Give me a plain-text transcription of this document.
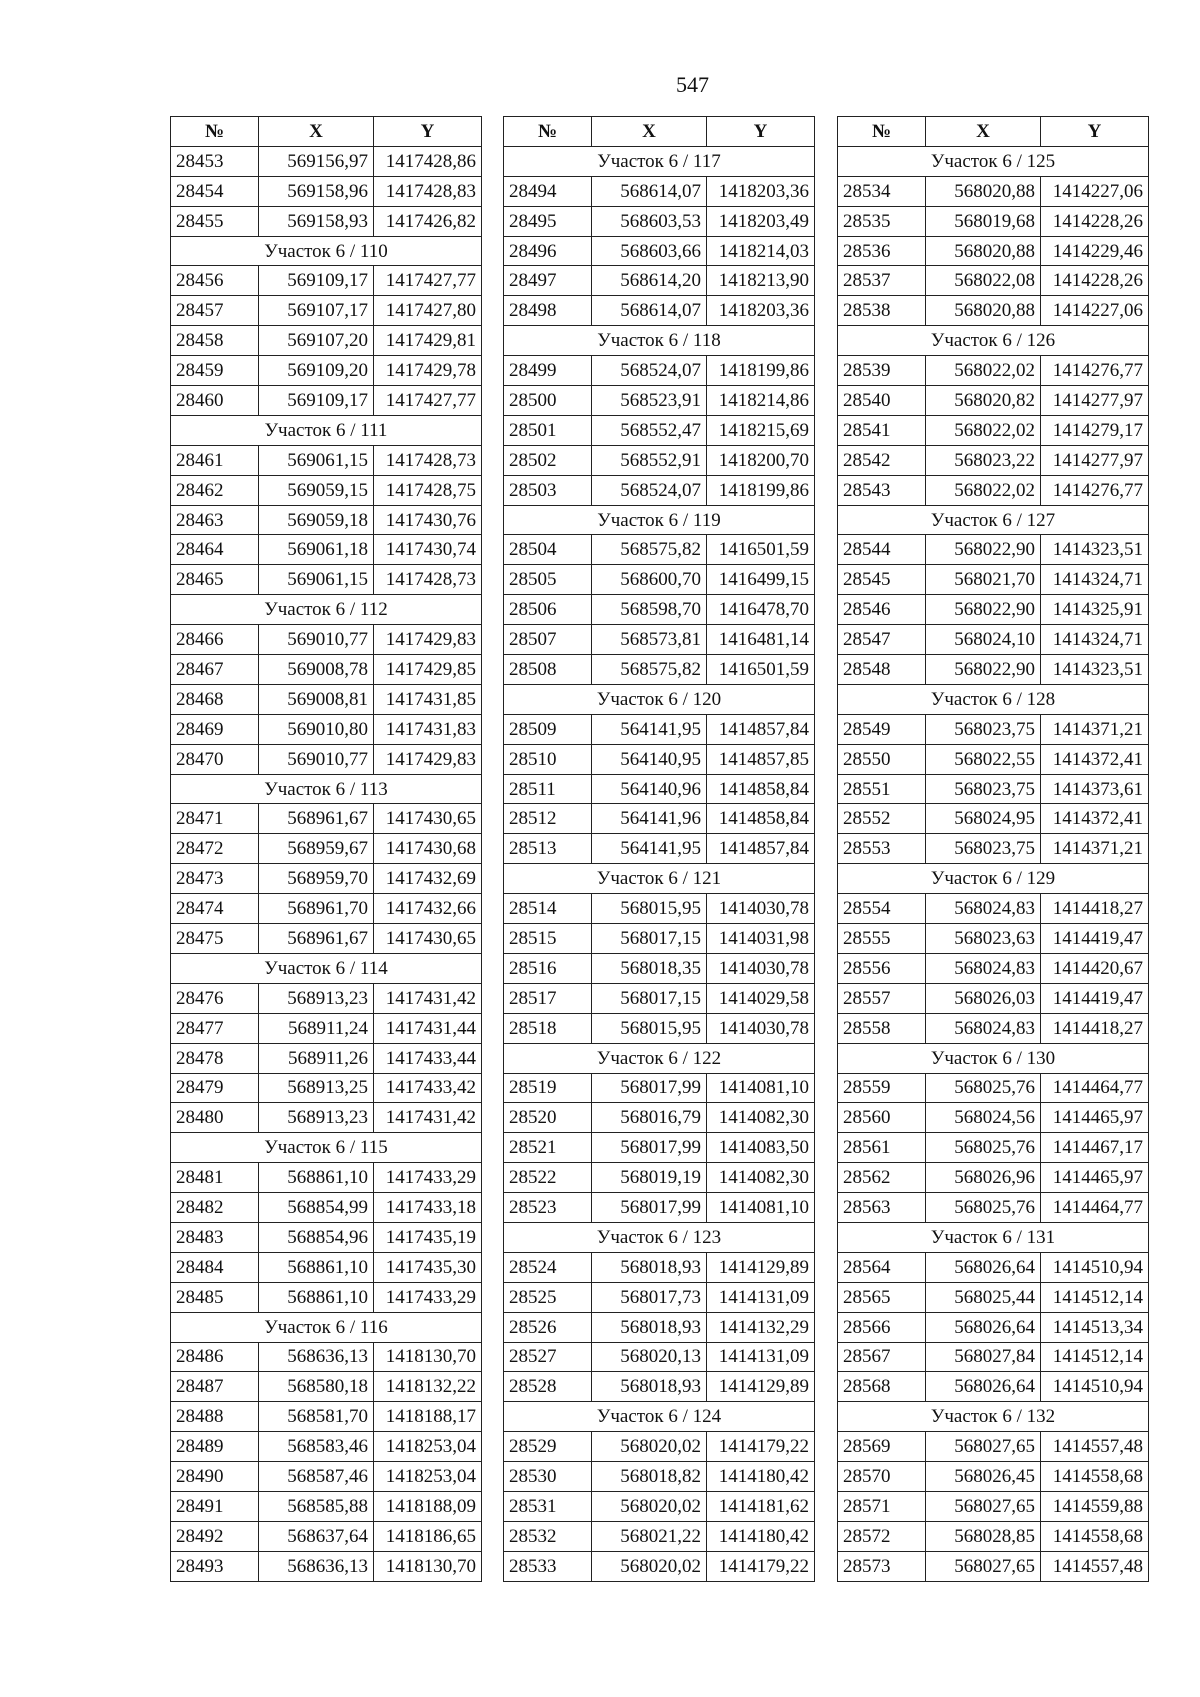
547
№	X	Y
28453	569156,97	1417428,86
28454	569158,96	1417428,83
28455	569158,93	1417426,82
Участок 6 / 110		
28456	569109,17	1417427,77
28457	569107,17	1417427,80
28458	569107,20	1417429,81
28459	569109,20	1417429,78
28460	569109,17	1417427,77
Участок 6 / 111		
28461	569061,15	1417428,73
28462	569059,15	1417428,75
28463	569059,18	1417430,76
28464	569061,18	1417430,74
28465	569061,15	1417428,73
Участок 6 / 112		
28466	569010,77	1417429,83
28467	569008,78	1417429,85
28468	569008,81	1417431,85
28469	569010,80	1417431,83
28470	569010,77	1417429,83
Участок 6 / 113		
28471	568961,67	1417430,65
28472	568959,67	1417430,68
28473	568959,70	1417432,69
28474	568961,70	1417432,66
28475	568961,67	1417430,65
Участок 6 / 114		
28476	568913,23	1417431,42
28477	568911,24	1417431,44
28478	568911,26	1417433,44
28479	568913,25	1417433,42
28480	568913,23	1417431,42
Участок 6 / 115		
28481	568861,10	1417433,29
28482	568854,99	1417433,18
28483	568854,96	1417435,19
28484	568861,10	1417435,30
28485	568861,10	1417433,29
Участок 6 / 116		
28486	568636,13	1418130,70
28487	568580,18	1418132,22
28488	568581,70	1418188,17
28489	568583,46	1418253,04
28490	568587,46	1418253,04
28491	568585,88	1418188,09
28492	568637,64	1418186,65
28493	568636,13	1418130,70
№	X	Y
Участок 6 / 117		
28494	568614,07	1418203,36
28495	568603,53	1418203,49
28496	568603,66	1418214,03
28497	568614,20	1418213,90
28498	568614,07	1418203,36
Участок 6 / 118		
28499	568524,07	1418199,86
28500	568523,91	1418214,86
28501	568552,47	1418215,69
28502	568552,91	1418200,70
28503	568524,07	1418199,86
Участок 6 / 119		
28504	568575,82	1416501,59
28505	568600,70	1416499,15
28506	568598,70	1416478,70
28507	568573,81	1416481,14
28508	568575,82	1416501,59
Участок 6 / 120		
28509	564141,95	1414857,84
28510	564140,95	1414857,85
28511	564140,96	1414858,84
28512	564141,96	1414858,84
28513	564141,95	1414857,84
Участок 6 / 121		
28514	568015,95	1414030,78
28515	568017,15	1414031,98
28516	568018,35	1414030,78
28517	568017,15	1414029,58
28518	568015,95	1414030,78
Участок 6 / 122		
28519	568017,99	1414081,10
28520	568016,79	1414082,30
28521	568017,99	1414083,50
28522	568019,19	1414082,30
28523	568017,99	1414081,10
Участок 6 / 123		
28524	568018,93	1414129,89
28525	568017,73	1414131,09
28526	568018,93	1414132,29
28527	568020,13	1414131,09
28528	568018,93	1414129,89
Участок 6 / 124		
28529	568020,02	1414179,22
28530	568018,82	1414180,42
28531	568020,02	1414181,62
28532	568021,22	1414180,42
28533	568020,02	1414179,22
№	X	Y
Участок 6 / 125		
28534	568020,88	1414227,06
28535	568019,68	1414228,26
28536	568020,88	1414229,46
28537	568022,08	1414228,26
28538	568020,88	1414227,06
Участок 6 / 126		
28539	568022,02	1414276,77
28540	568020,82	1414277,97
28541	568022,02	1414279,17
28542	568023,22	1414277,97
28543	568022,02	1414276,77
Участок 6 / 127		
28544	568022,90	1414323,51
28545	568021,70	1414324,71
28546	568022,90	1414325,91
28547	568024,10	1414324,71
28548	568022,90	1414323,51
Участок 6 / 128		
28549	568023,75	1414371,21
28550	568022,55	1414372,41
28551	568023,75	1414373,61
28552	568024,95	1414372,41
28553	568023,75	1414371,21
Участок 6 / 129		
28554	568024,83	1414418,27
28555	568023,63	1414419,47
28556	568024,83	1414420,67
28557	568026,03	1414419,47
28558	568024,83	1414418,27
Участок 6 / 130		
28559	568025,76	1414464,77
28560	568024,56	1414465,97
28561	568025,76	1414467,17
28562	568026,96	1414465,97
28563	568025,76	1414464,77
Участок 6 / 131		
28564	568026,64	1414510,94
28565	568025,44	1414512,14
28566	568026,64	1414513,34
28567	568027,84	1414512,14
28568	568026,64	1414510,94
Участок 6 / 132		
28569	568027,65	1414557,48
28570	568026,45	1414558,68
28571	568027,65	1414559,88
28572	568028,85	1414558,68
28573	568027,65	1414557,48
